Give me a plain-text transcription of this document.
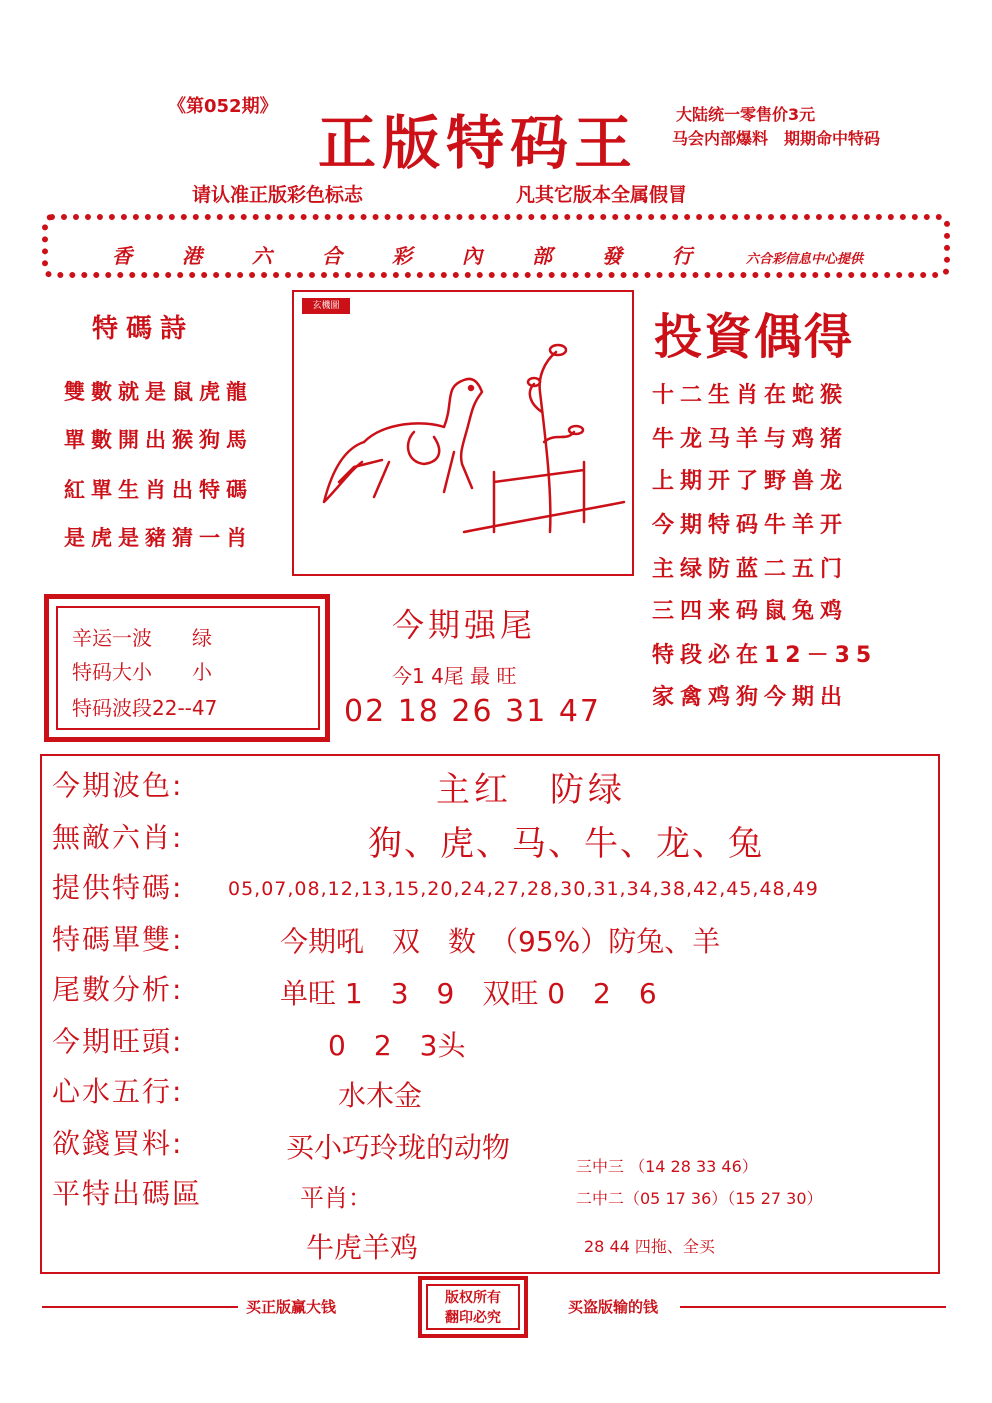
《第052期》
正版特码王 大陆统一零售价3元
马会内部爆料　期期命中特码
请认准正版彩色标志	凡其它版本全属假冒
香港六合彩內部發行 六合彩信息中心提供
特碼詩
雙數就是鼠虎龍
單數開出猴狗馬
紅單生肖出特碼
是虎是豬猜一肖
玄機圖
投資偶得
十二生肖在蛇猴
牛龙马羊与鸡猪
上期开了野兽龙
今期特码牛羊开
主绿防蓝二五门
三四来码鼠兔鸡
特段必在12－35
家禽鸡狗今期出
辛运一波　　绿
特码大小　　小
特码波段22--47
今期强尾
今1 4尾 最 旺
02 18 26 31 47
今期波色:
無敵六肖:
提供特碼:
特碼單雙:
尾數分析:
今期旺頭:
心水五行:
欲錢買料:
平特出碼區
主红　防绿
狗、虎、马、牛、龙、兔
05,07,08,12,13,15,20,24,27,28,30,31,34,38,42,45,48,49
今期吼　双　数　（95%）防兔、羊
单旺 1　3　9　双旺 0　2　6
0　2　3头
水木金
买小巧玲珑的动物
平肖：
牛虎羊鸡
三中三 （14 28 33 46）
二中二（05 17 36）（15 27 30）
28 44 四拖、全买
买正版赢大钱	买盗版输的钱
版权所有
翻印必究
